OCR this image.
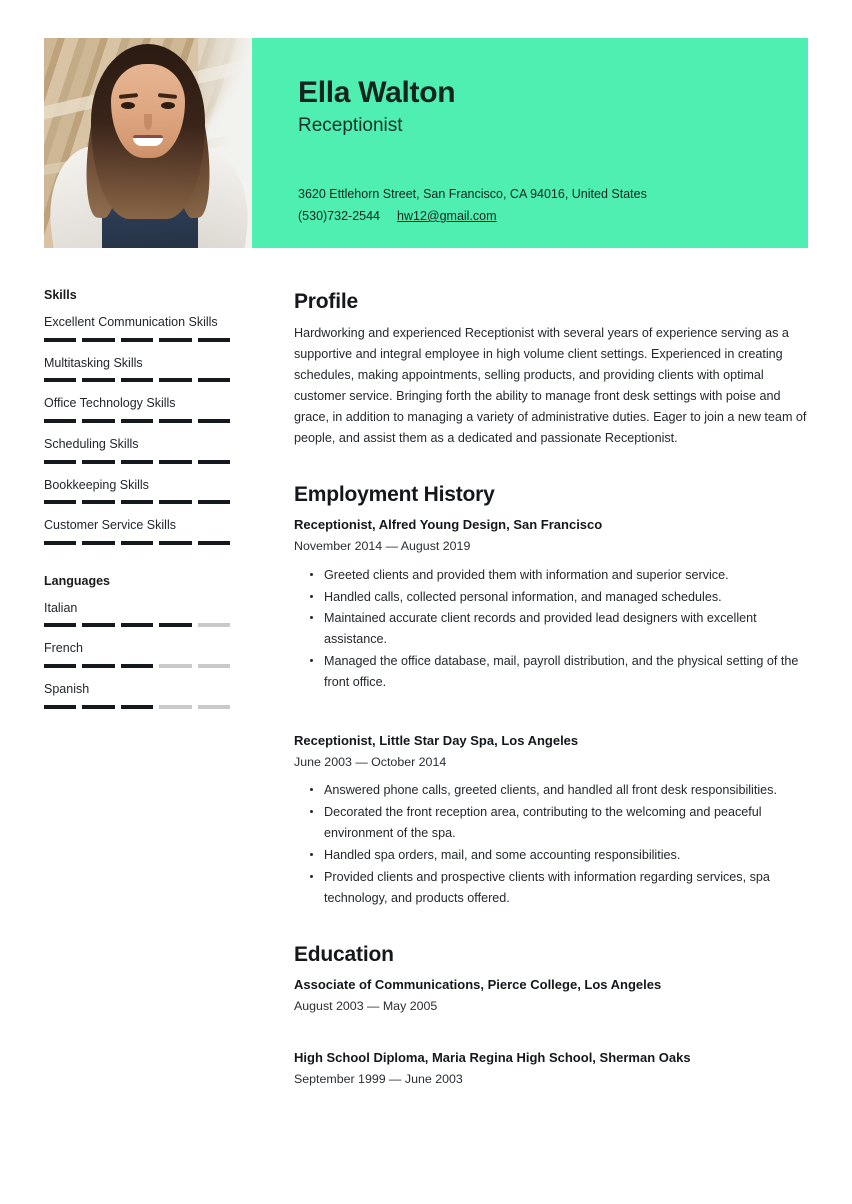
Ella Walton
Receptionist
3620 Ettlehorn Street, San Francisco, CA 94016, United States
(530)732-2544 hw12@gmail.com
Skills
Excellent Communication Skills
Multitasking Skills
Office Technology Skills
Scheduling Skills
Bookkeeping Skills
Customer Service Skills
Languages
Italian
French
Spanish
Profile
Hardworking and experienced Receptionist with several years of experience serving as a supportive and integral employee in high volume client settings. Experienced in creating schedules, making appointments, selling products, and providing clients with optimal customer service. Bringing forth the ability to manage front desk settings with poise and grace, in addition to managing a variety of administrative duties. Eager to join a new team of people, and assist them as a dedicated and passionate Receptionist.
Employment History
Receptionist, Alfred Young Design, San Francisco
November 2014 — August 2019
Greeted clients and provided them with information and superior service.
Handled calls, collected personal information, and managed schedules.
Maintained accurate client records and provided lead designers with excellent assistance.
Managed the office database, mail, payroll distribution, and the physical setting of the front office.
Receptionist, Little Star Day Spa, Los Angeles
June 2003 — October 2014
Answered phone calls, greeted clients, and handled all front desk responsibilities.
Decorated the front reception area, contributing to the welcoming and peaceful environment of the spa.
Handled spa orders, mail, and some accounting responsibilities.
Provided clients and prospective clients with information regarding services, spa technology, and products offered.
Education
Associate of Communications, Pierce College, Los Angeles
August 2003 — May 2005
High School Diploma, Maria Regina High School, Sherman Oaks
September 1999 — June 2003
